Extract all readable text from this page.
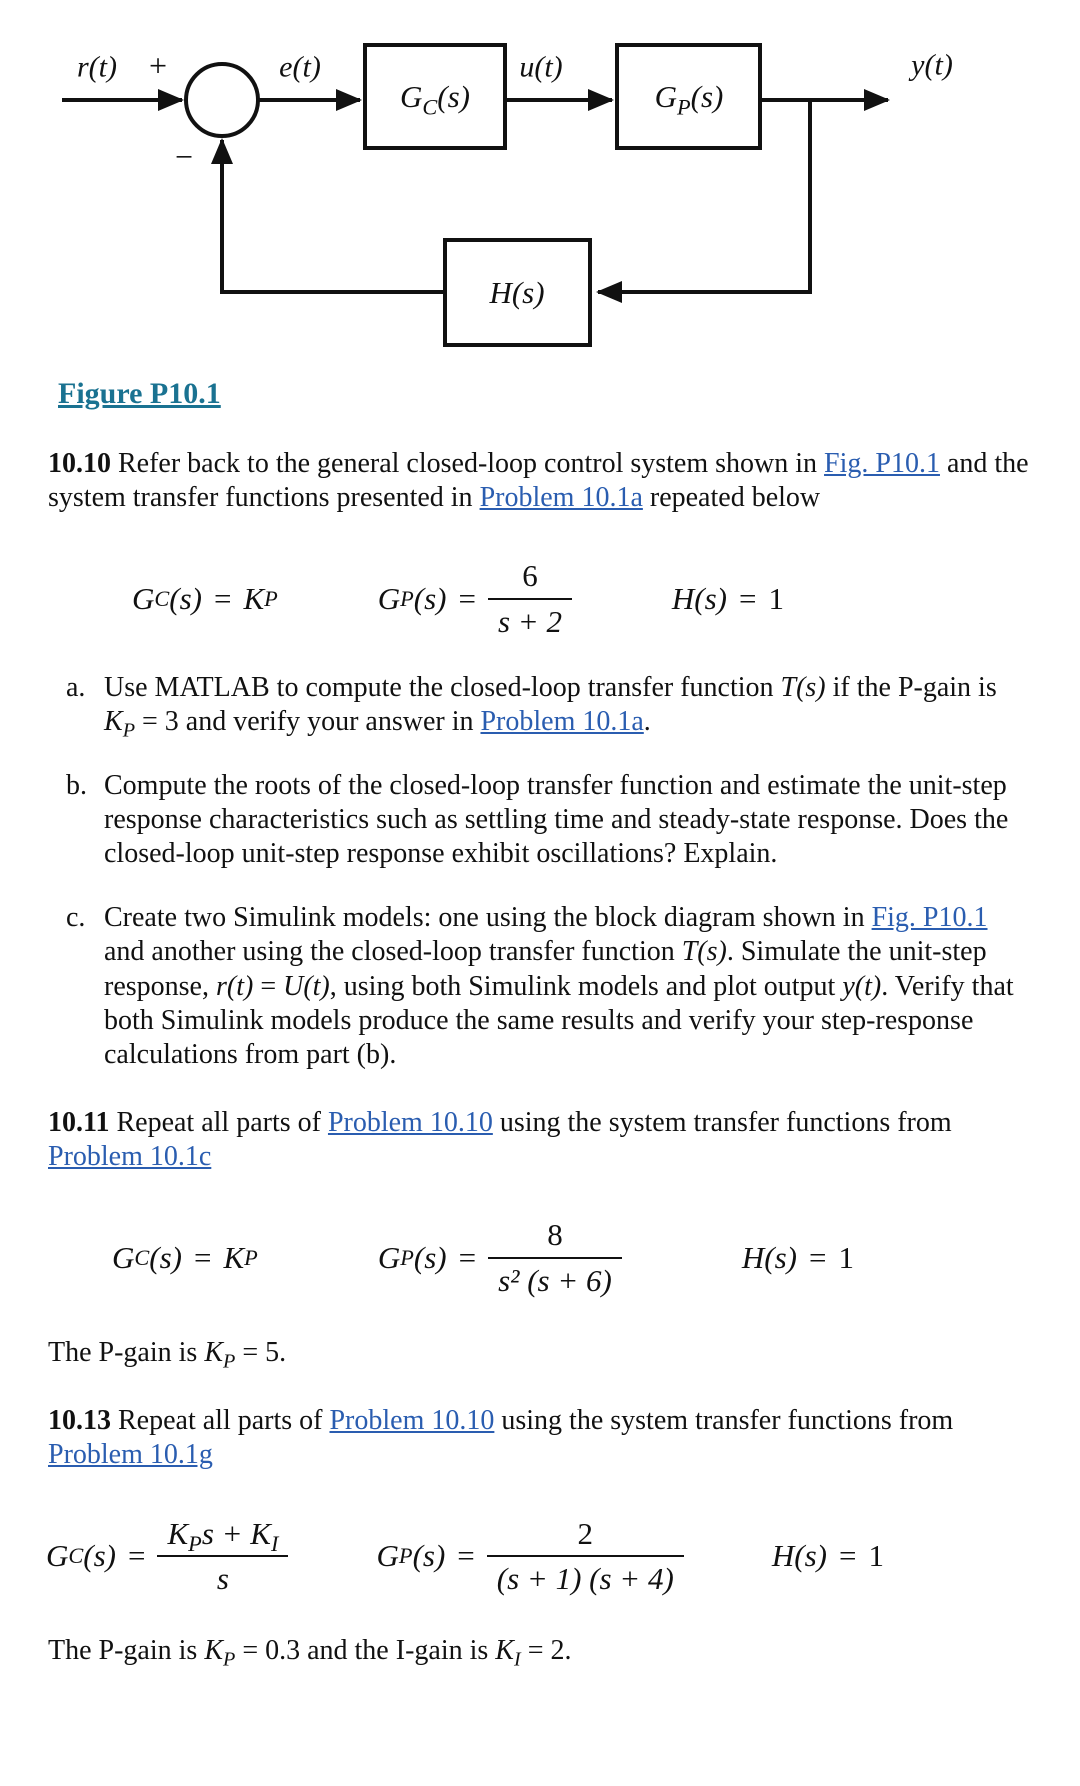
r(t) +
−
e(t)	u(t)	y(t)
$G_C(s)$	$G_P(s)$
H(s)
Figure P10.1

10.10 Refer back to the general closed-loop control system shown in Fig. P10.1 and the system transfer functions presented in Problem 10.1a repeated below

G C (s) = K P	G P $(s) = \frac{6}{s + 2}$	H (s) = 1
a. Use MATLAB to compute the closed-loop transfer function T(s) if the P-gain is $K_P = 3$ and verify your answer in Problem 10.1a.
b. Compute the roots of the closed-loop transfer function and estimate the unit-step response characteristics such as settling time and steady-state response. Does the closed-loop unit-step response exhibit oscillations? Explain.
c. Create two Simulink models: one using the block diagram shown in Fig. P10.1 and another using the closed-loop transfer function T(s). Simulate the unit-step response, r(t) = U(t), using both Simulink models and plot output y(t). Verify that both Simulink models produce the same results and verify your step-response calculations from part (b).

10.11 Repeat all parts of Problem 10.10 using the system transfer functions from Problem 10.1c

G C (s) = K P	G P $(s) = \frac{8}{\text{s² (s + 6)}}$	H (s) = 1

The P-gain is $K_P = 5$.

10.13 Repeat all parts of Problem 10.10 using the system transfer functions from Problem 10.1g

G C $(s) = \frac{K_Ps + K_I}{s}$	G P $(s) = \frac{2}{(s + 1) (s + 4)}$	H (s) = 1

The P-gain is $K_P = 0.3$ and the I-gain is $K_I = 2$.
